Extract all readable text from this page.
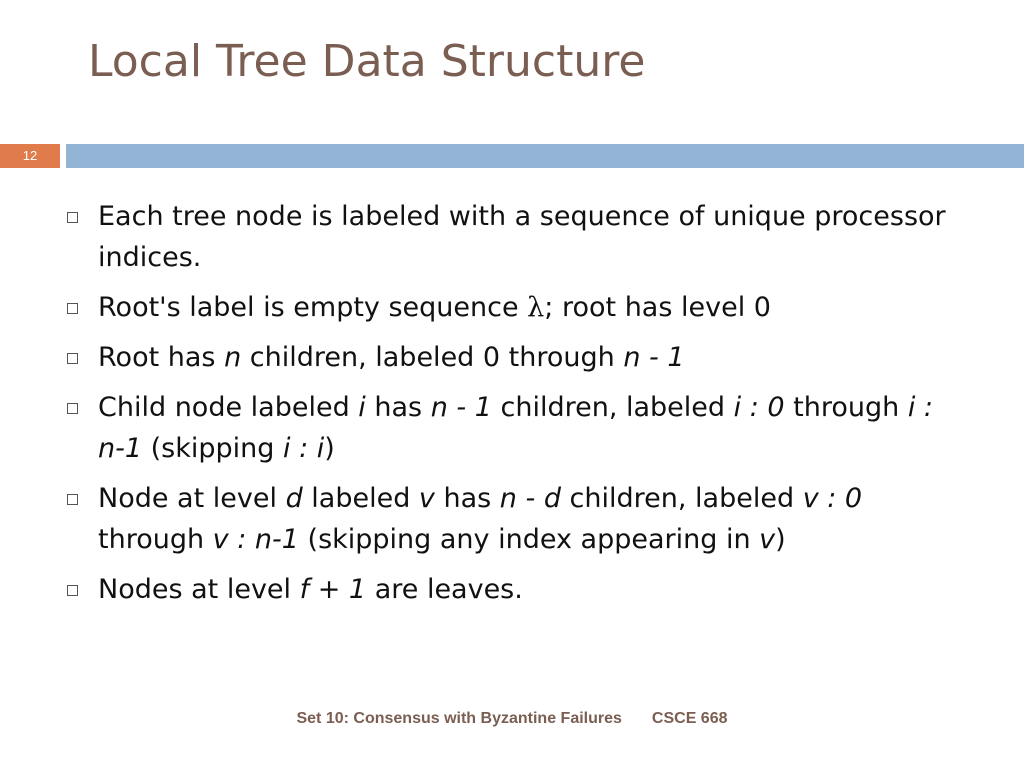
Local Tree Data Structure
12
Each tree node is labeled with a sequence of unique processor indices.
Root's label is empty sequence λ; root has level 0
Root has n children, labeled 0 through n - 1
Child node labeled i has n - 1 children, labeled i : 0 through i : n-1 (skipping i : i)
Node at level d labeled v has n - d children, labeled v : 0 through v : n-1 (skipping any index appearing in v)
Nodes at level f + 1 are leaves.
Set 10: Consensus with Byzantine Failures CSCE 668
